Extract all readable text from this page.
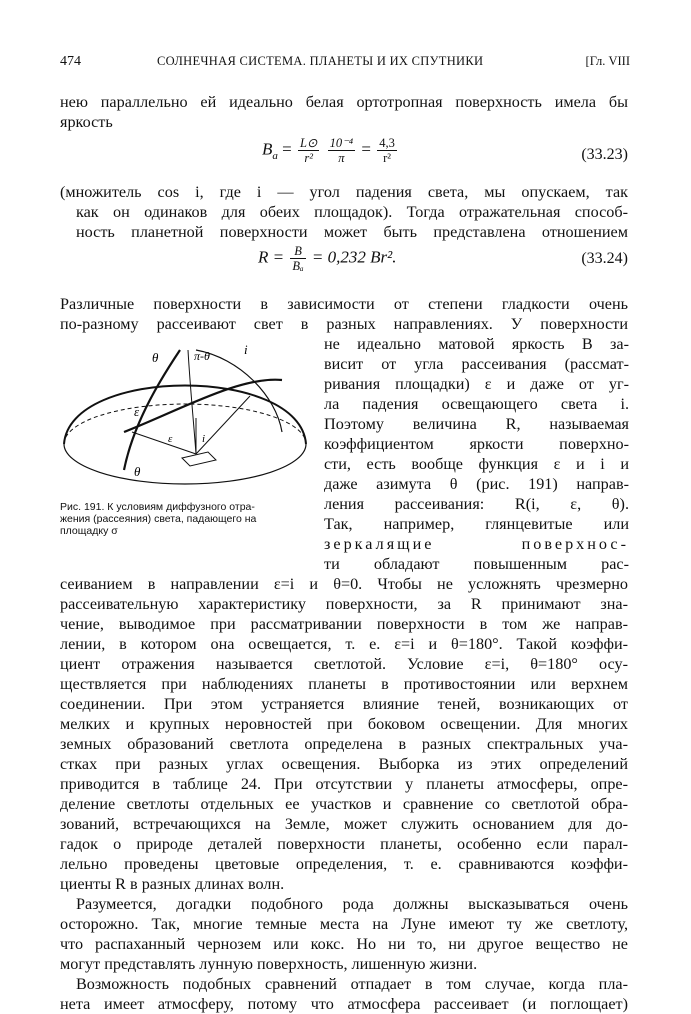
474	СОЛНЕЧНАЯ СИСТЕМА. ПЛАНЕТЫ И ИХ СПУТНИКИ	[Гл. VIII
нею параллельно ей идеально белая ортотропная поверхность имела бы
яркость
$B_a = \frac{L⊙}{\text{r²}}$
$\frac{\text{10⁻⁴}}{\pi} = \frac{4,3}{\text{r²}}$	(33.23)
(множитель cos i, где i — угол падения света, мы опускаем, так
как он одинаков для обеих площадок). Тогда отражательная способ-
ность планетной поверхности может быть представлена отношением
$R = \frac{B}{\text{Bₐ}} = 0,232$ Br².	(33.24)
Различные поверхности в зависимости от степени гладкости очень
по-разному рассеивают свет в разных направлениях. У поверхности
θ	π-θ	i
ε
ε	i
θ
Рис. 191. К условиям диффузного отра-
жения (рассеяния) света, падающего на
площадку σ
не идеально матовой яркость B за-
висит от угла рассеивания (рассмат-
ривания площадки) ε и даже от уг-
ла падения освещающего света i.
Поэтому величина R, называемая
коэффициентом яркости поверхно-
сти, есть вообще функция ε и i и
даже азимута θ (рис. 191) направ-
ления рассеивания: R(i, ε, θ).
Так, например, глянцевитые или
зеркалящие поверхнос-
ти обладают повышенным рас-
сеиванием в направлении ε=i и θ=0. Чтобы не усложнять чрезмерно
рассеивательную характеристику поверхности, за R принимают зна-
чение, выводимое при рассматривании поверхности в том же направ-
лении, в котором она освещается, т. е. ε=i и θ=180°. Такой коэффи-
циент отражения называется светлотой. Условие ε=i, θ=180° осу-
ществляется при наблюдениях планеты в противостоянии или верхнем
соединении. При этом устраняется влияние теней, возникающих от
мелких и крупных неровностей при боковом освещении. Для многих
земных образований светлота определена в разных спектральных уча-
стках при разных углах освещения. Выборка из этих определений
приводится в таблице 24. При отсутствии у планеты атмосферы, опре-
деление светлоты отдельных ее участков и сравнение со светлотой обра-
зований, встречающихся на Земле, может служить основанием для до-
гадок о природе деталей поверхности планеты, особенно если парал-
лельно проведены цветовые определения, т. е. сравниваются коэффи-
циенты R в разных длинах волн.
Разумеется, догадки подобного рода должны высказываться очень
осторожно. Так, многие темные места на Луне имеют ту же светлоту,
что распаханный чернозем или кокс. Но ни то, ни другое вещество не
могут представлять лунную поверхность, лишенную жизни.
Возможность подобных сравнений отпадает в том случае, когда пла-
нета имеет атмосферу, потому что атмосфера рассеивает (и поглощает)
